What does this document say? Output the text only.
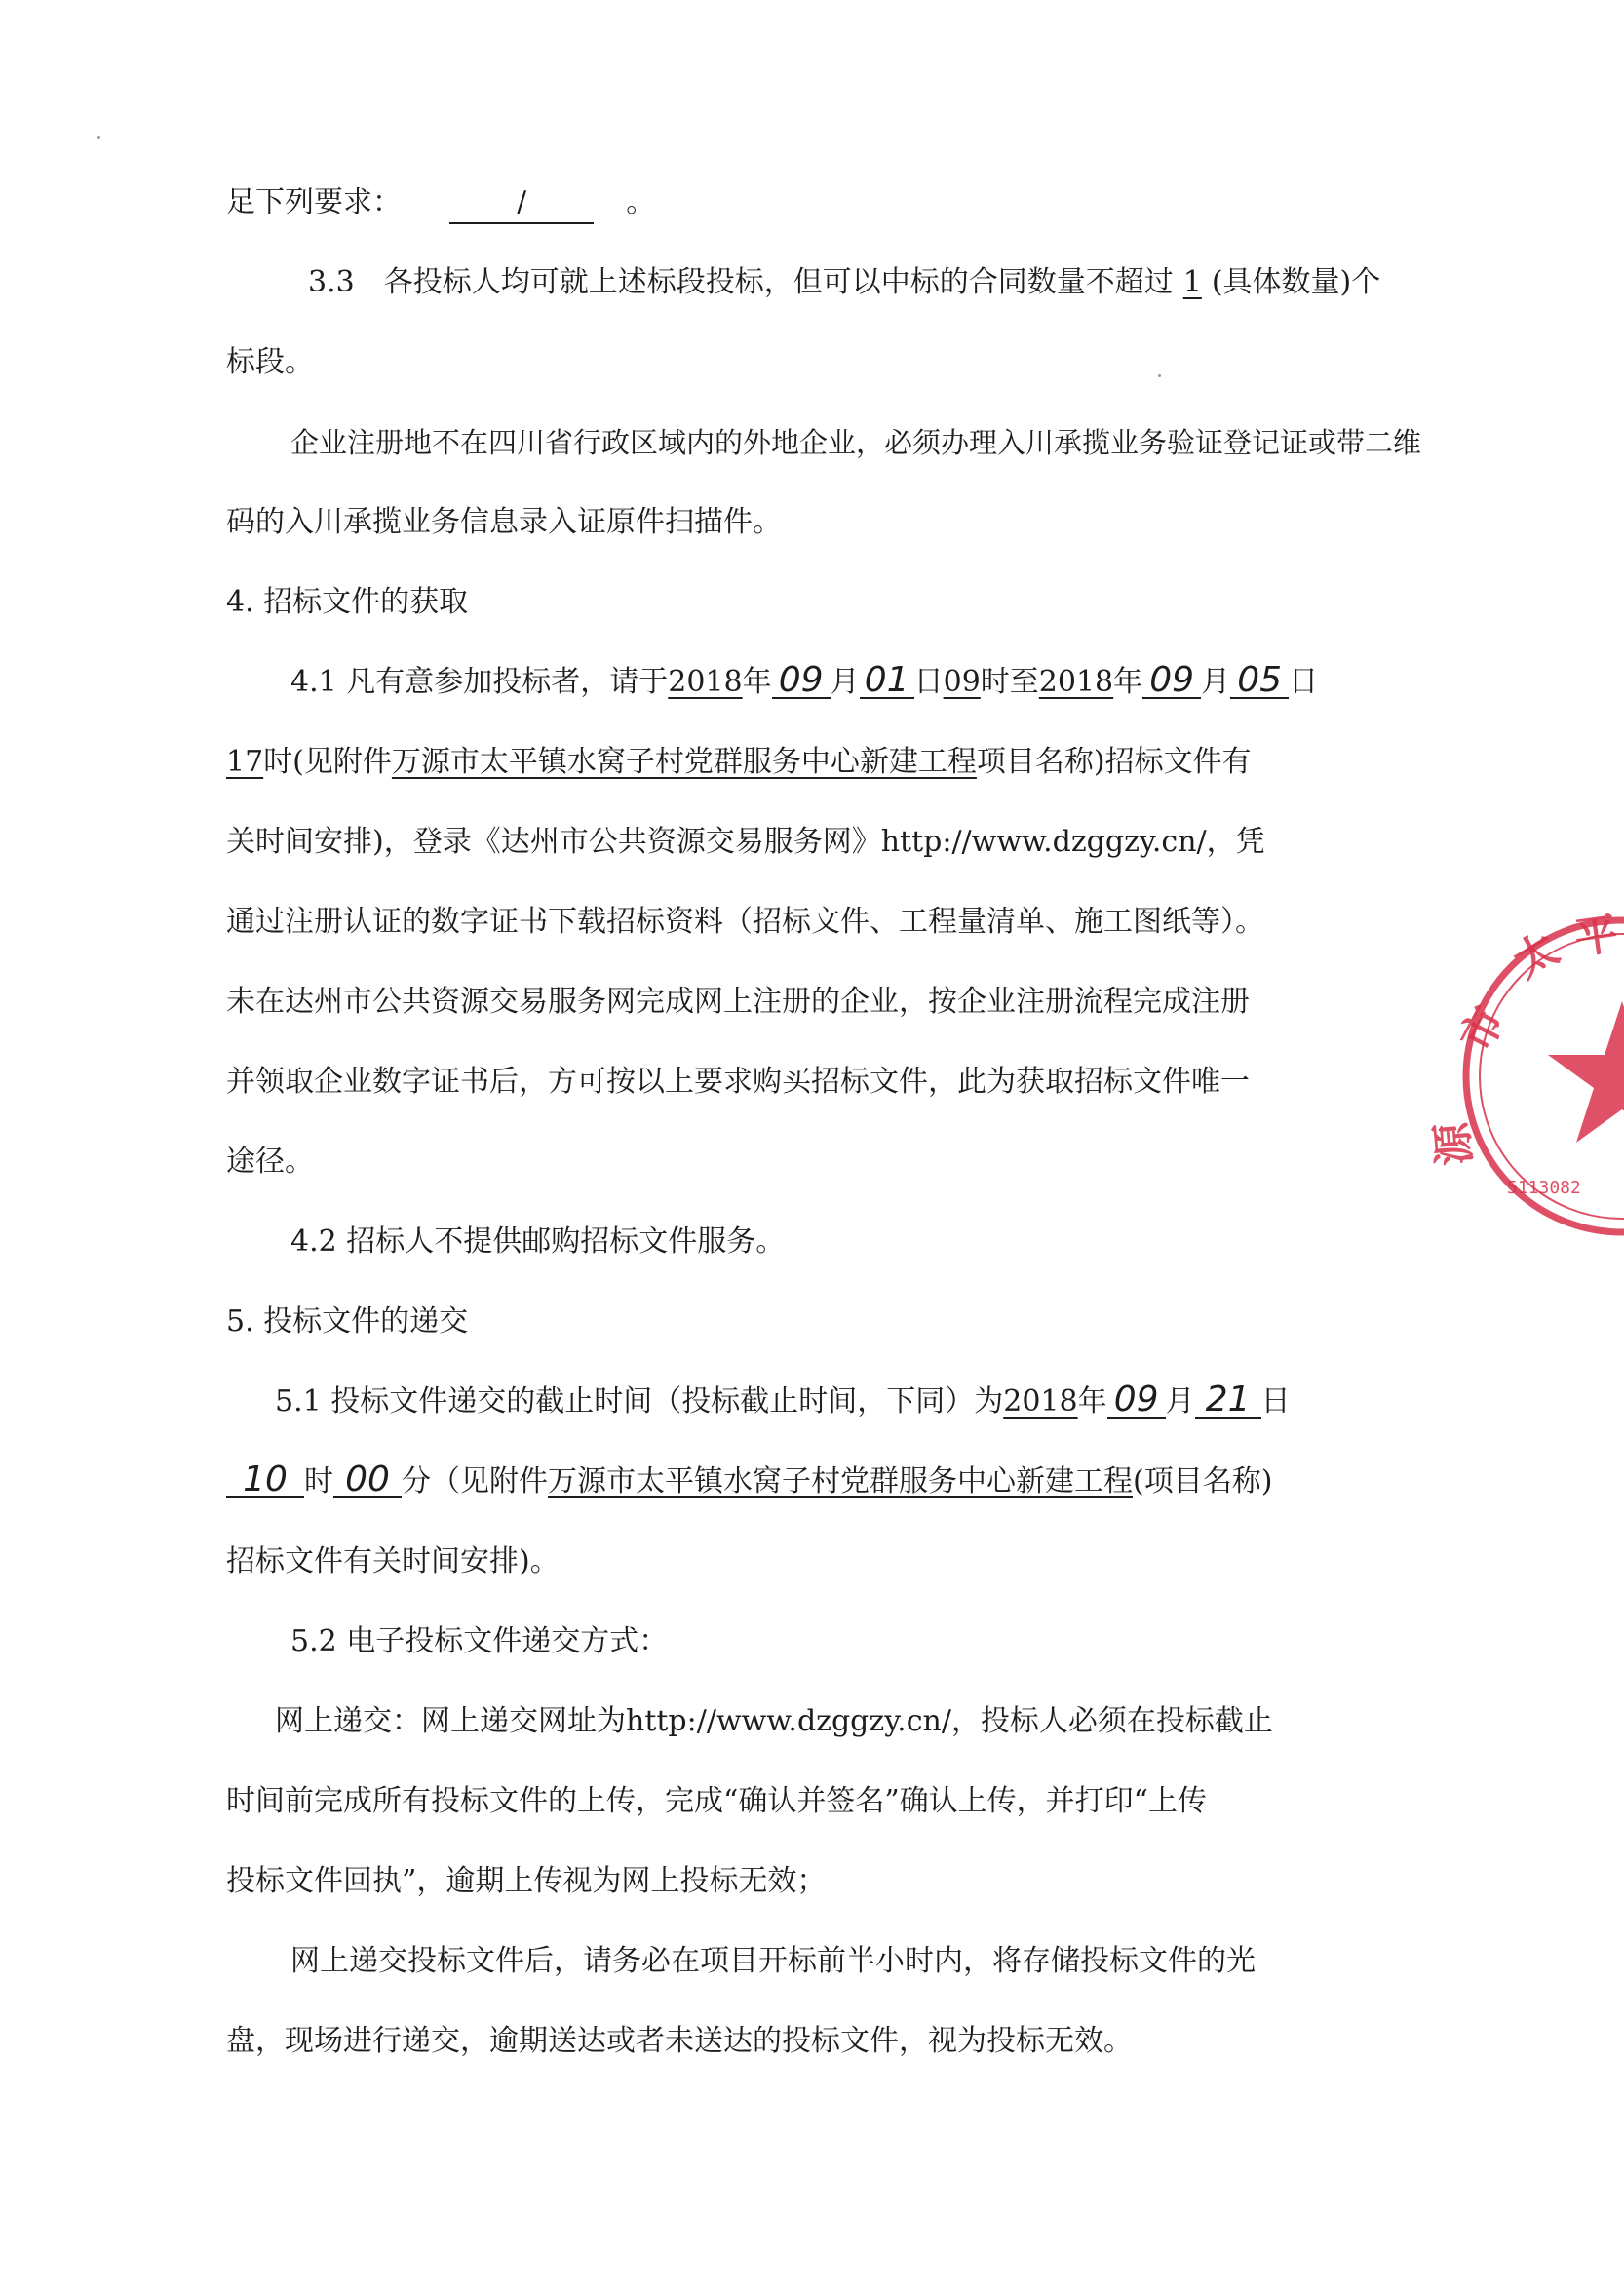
足下列要求：	/	。
3.3　各投标人均可就上述标段投标，但可以中标的合同数量不超过 1 (具体数量)个
标段。
企业注册地不在四川省行政区域内的外地企业，必须办理入川承揽业务验证登记证或带二维
码的入川承揽业务信息录入证原件扫描件。
4. 招标文件的获取
4.1 凡有意参加投标者，请于2018年 09 月 01 日09时至2018年 09 月 05 日
17时(见附件万源市太平镇水窝子村党群服务中心新建工程项目名称)招标文件有
关时间安排)，登录《达州市公共资源交易服务网》http://www.dzggzy.cn/，凭
通过注册认证的数字证书下载招标资料（招标文件、工程量清单、施工图纸等）。
未在达州市公共资源交易服务网完成网上注册的企业，按企业注册流程完成注册
并领取企业数字证书后，方可按以上要求购买招标文件，此为获取招标文件唯一
途径。
4.2 招标人不提供邮购招标文件服务。
5. 投标文件的递交
5.1 投标文件递交的截止时间（投标截止时间，下同）为2018年 09 月 21 日
10 时 00 分（见附件万源市太平镇水窝子村党群服务中心新建工程(项目名称)
招标文件有关时间安排)。
5.2 电子投标文件递交方式：
网上递交：网上递交网址为http://www.dzggzy.cn/，投标人必须在投标截止
时间前完成所有投标文件的上传，完成“确认并签名”确认上传，并打印“上传
投标文件回执”，逾期上传视为网上投标无效；
网上递交投标文件后，请务必在项目开标前半小时内，将存储投标文件的光
盘，现场进行递交，逾期送达或者未送达的投标文件，视为投标无效。
市
太 平
源
5113082
